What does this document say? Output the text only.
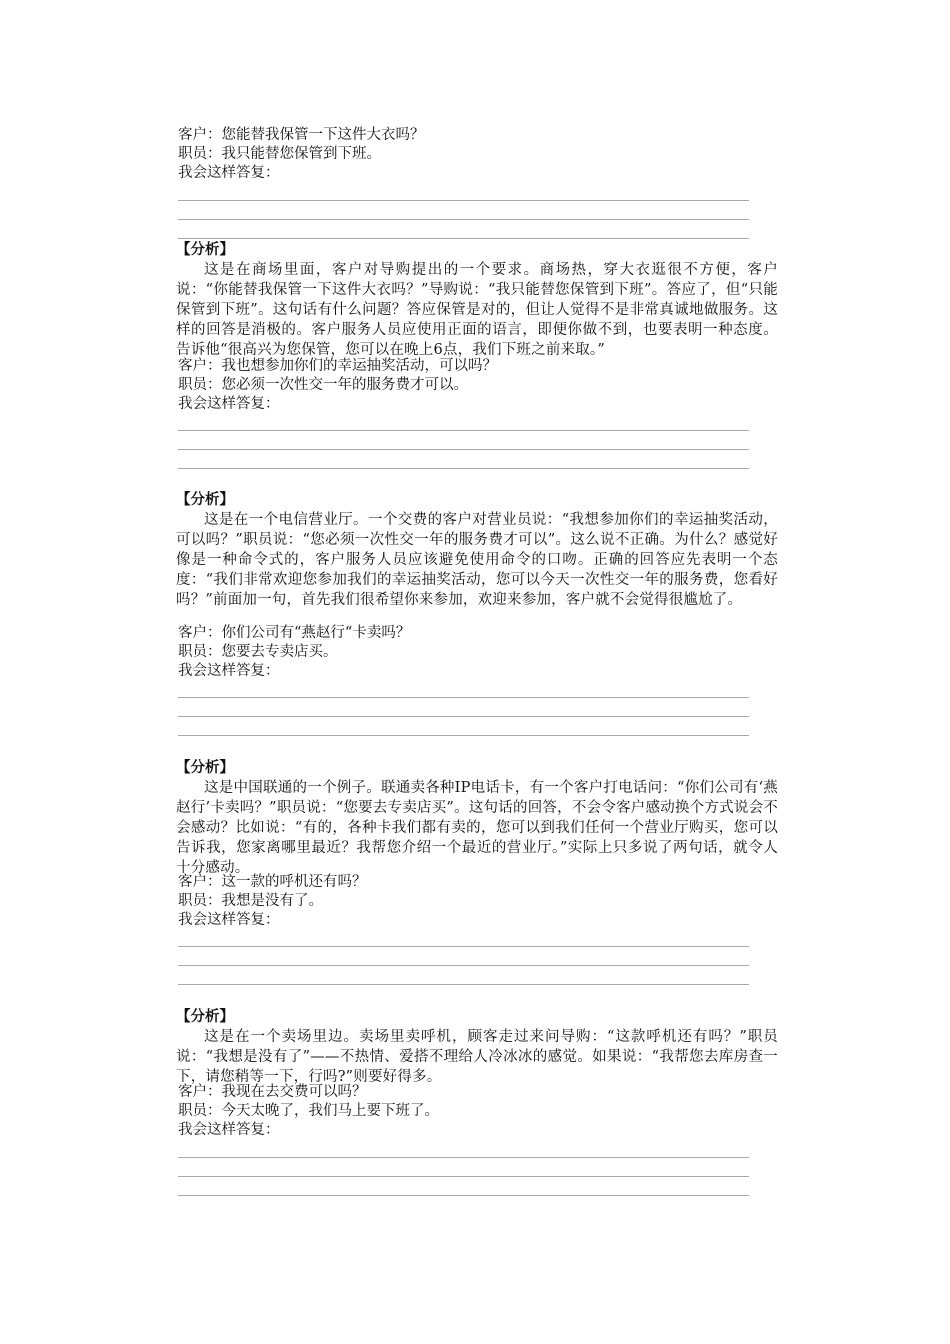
客户：您能替我保管一下这件大衣吗？
职员：我只能替您保管到下班。
我会这样答复：
【分析】
这是在商场里面，客户对导购提出的一个要求。商场热，穿大衣逛很不方便，客户说：“你能替我保管一下这件大衣吗？”导购说：“我只能替您保管到下班”。答应了，但“只能保管到下班”。这句话有什么问题？答应保管是对的，但让人觉得不是非常真诚地做服务。这样的回答是消极的。客户服务人员应使用正面的语言，即便你做不到，也要表明一种态度。告诉他“很高兴为您保管，您可以在晚上6点，我们下班之前来取。”
客户：我也想参加你们的幸运抽奖活动，可以吗？
职员：您必须一次性交一年的服务费才可以。
我会这样答复：
【分析】
这是在一个电信营业厅。一个交费的客户对营业员说：“我想参加你们的幸运抽奖活动，可以吗？”职员说：“您必须一次性交一年的服务费才可以”。这么说不正确。为什么？感觉好像是一种命令式的，客户服务人员应该避免使用命令的口吻。正确的回答应先表明一个态度：“我们非常欢迎您参加我们的幸运抽奖活动，您可以今天一次性交一年的服务费，您看好吗？”前面加一句，首先我们很希望你来参加，欢迎来参加，客户就不会觉得很尴尬了。
客户：你们公司有“燕赵行“卡卖吗？
职员：您要去专卖店买。
我会这样答复：
【分析】
这是中国联通的一个例子。联通卖各种IP电话卡，有一个客户打电话问：“你们公司有‘燕赵行’卡卖吗？”职员说：“您要去专卖店买”。这句话的回答，不会令客户感动换个方式说会不会感动？比如说：“有的，各种卡我们都有卖的，您可以到我们任何一个营业厅购买，您可以告诉我，您家离哪里最近？我帮您介绍一个最近的营业厅。”实际上只多说了两句话，就令人十分感动。
客户：这一款的呼机还有吗？
职员：我想是没有了。
我会这样答复：
【分析】
这是在一个卖场里边。卖场里卖呼机，顾客走过来问导购：“这款呼机还有吗？”职员说：“我想是没有了”——不热情、爱搭不理给人冷冰冰的感觉。如果说：“我帮您去库房查一下，请您稍等一下，行吗?”则要好得多。
客户：我现在去交费可以吗？
职员：今天太晚了，我们马上要下班了。
我会这样答复：
